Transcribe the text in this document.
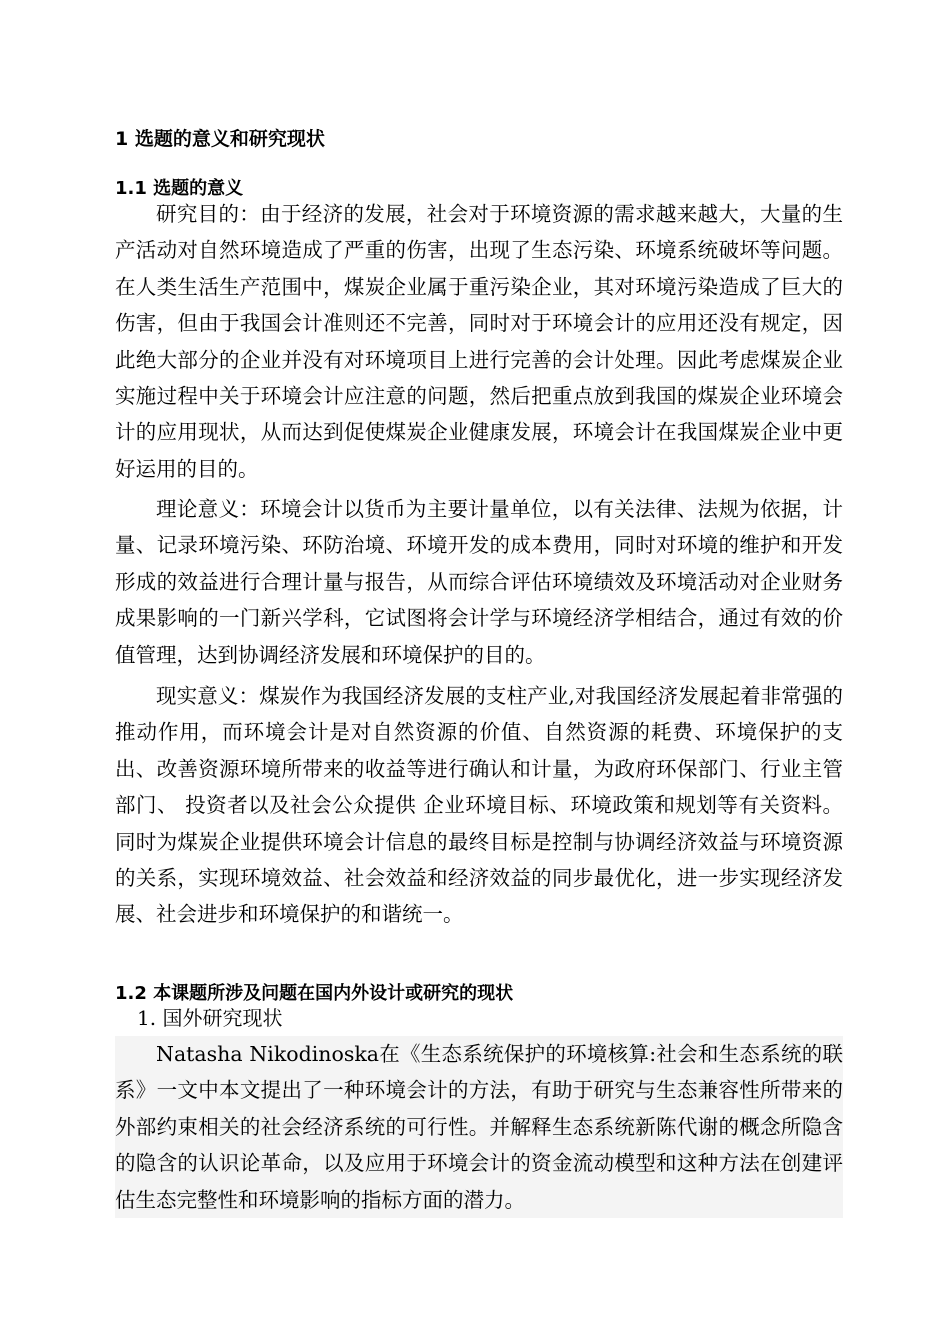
1 选题的意义和研究现状
1.1 选题的意义

研究目的：由于经济的发展，社会对于环境资源的需求越来越大，大量的生产活动对自然环境造成了严重的伤害，出现了生态污染、环境系统破坏等问题。在人类生活生产范围中，煤炭企业属于重污染企业，其对环境污染造成了巨大的伤害，但由于我国会计准则还不完善，同时对于环境会计的应用还没有规定，因此绝大部分的企业并没有对环境项目上进行完善的会计处理。因此考虑煤炭企业实施过程中关于环境会计应注意的问题，然后把重点放到我国的煤炭企业环境会计的应用现状，从而达到促使煤炭企业健康发展，环境会计在我国煤炭企业中更好运用的目的。

理论意义：环境会计以货币为主要计量单位，以有关法律、法规为依据，计量、记录环境污染、环防治境、环境开发的成本费用，同时对环境的维护和开发形成的效益进行合理计量与报告，从而综合评估环境绩效及环境活动对企业财务成果影响的一门新兴学科，它试图将会计学与环境经济学相结合，通过有效的价值管理，达到协调经济发展和环境保护的目的。

现实意义：煤炭作为我国经济发展的支柱产业,对我国经济发展起着非常强的推动作用，而环境会计是对自然资源的价值、自然资源的耗费、环境保护的支出、改善资源环境所带来的收益等进行确认和计量，为政府环保部门、行业主管部门、 投资者以及社会公众提供 企业环境目标、环境政策和规划等有关资料。同时为煤炭企业提供环境会计信息的最终目标是控制与协调经济效益与环境资源的关系，实现环境效益、社会效益和经济效益的同步最优化，进一步实现经济发展、社会进步和环境保护的和谐统一。

1.2 本课题所涉及问题在国内外设计或研究的现状
1. 国外研究现状

Natasha Nikodinoska在《生态系统保护的环境核算:社会和生态系统的联系》一文中本文提出了一种环境会计的方法，有助于研究与生态兼容性所带来的外部约束相关的社会经济系统的可行性。并解释生态系统新陈代谢的概念所隐含的隐含的认识论革命，以及应用于环境会计的资金流动模型和这种方法在创建评估生态完整性和环境影响的指标方面的潜力。
